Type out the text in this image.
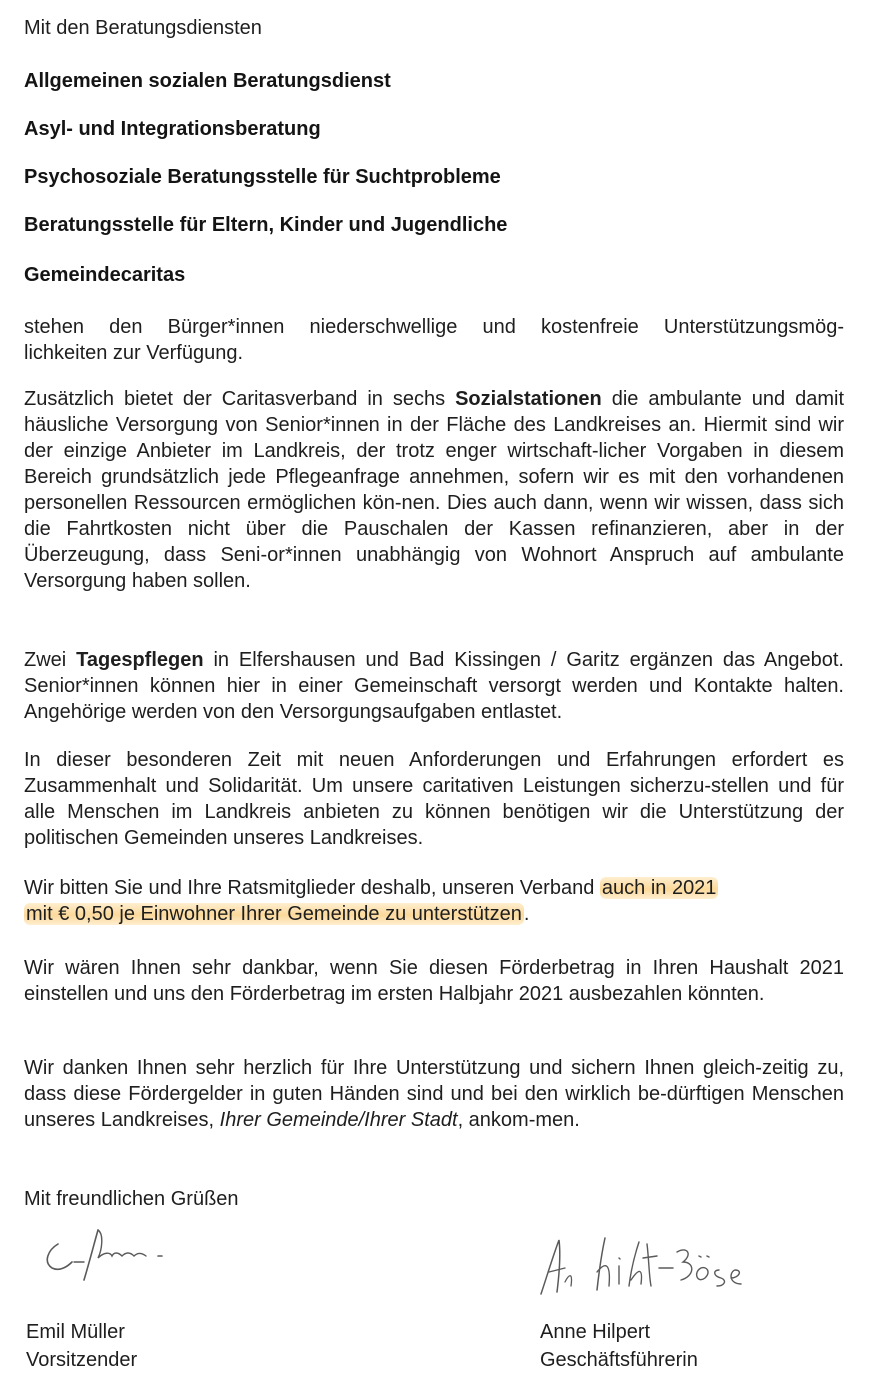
Mit den Beratungsdiensten
Allgemeinen sozialen Beratungsdienst
Asyl- und Integrationsberatung
Psychosoziale Beratungsstelle für Suchtprobleme
Beratungsstelle für Eltern, Kinder und Jugendliche
Gemeindecaritas
stehen den Bürger*innen niederschwellige und kostenfreie Unterstützungsmög-
lichkeiten zur Verfügung.
Zusätzlich bietet der Caritasverband in sechs Sozialstationen die ambulante und damit häusliche Versorgung von Senior*innen in der Fläche des Landkreises an. Hiermit sind wir der einzige Anbieter im Landkreis, der trotz enger wirtschaft-licher Vorgaben in diesem Bereich grundsätzlich jede Pflegeanfrage annehmen, sofern wir es mit den vorhandenen personellen Ressourcen ermöglichen kön-nen. Dies auch dann, wenn wir wissen, dass sich die Fahrtkosten nicht über die Pauschalen der Kassen refinanzieren, aber in der Überzeugung, dass Seni-or*innen unabhängig von Wohnort Anspruch auf ambulante Versorgung haben sollen.
Zwei Tagespflegen in Elfershausen und Bad Kissingen / Garitz ergänzen das Angebot. Senior*innen können hier in einer Gemeinschaft versorgt werden und Kontakte halten. Angehörige werden von den Versorgungsaufgaben entlastet.
In dieser besonderen Zeit mit neuen Anforderungen und Erfahrungen erfordert es Zusammenhalt und Solidarität. Um unsere caritativen Leistungen sicherzu-stellen und für alle Menschen im Landkreis anbieten zu können benötigen wir die Unterstützung der politischen Gemeinden unseres Landkreises.
Wir bitten Sie und Ihre Ratsmitglieder deshalb, unseren Verband auch in 2021
mit € 0,50 je Einwohner Ihrer Gemeinde zu unterstützen .
Wir wären Ihnen sehr dankbar, wenn Sie diesen Förderbetrag in Ihren Haushalt 2021 einstellen und uns den Förderbetrag im ersten Halbjahr 2021 ausbezahlen könnten.
Wir danken Ihnen sehr herzlich für Ihre Unterstützung und sichern Ihnen gleich-zeitig zu, dass diese Fördergelder in guten Händen sind und bei den wirklich be-dürftigen Menschen unseres Landkreises, Ihrer Gemeinde/Ihrer Stadt, ankom-men.
Mit freundlichen Grüßen
Emil Müller
Vorsitzender
Anne Hilpert
Geschäftsführerin
